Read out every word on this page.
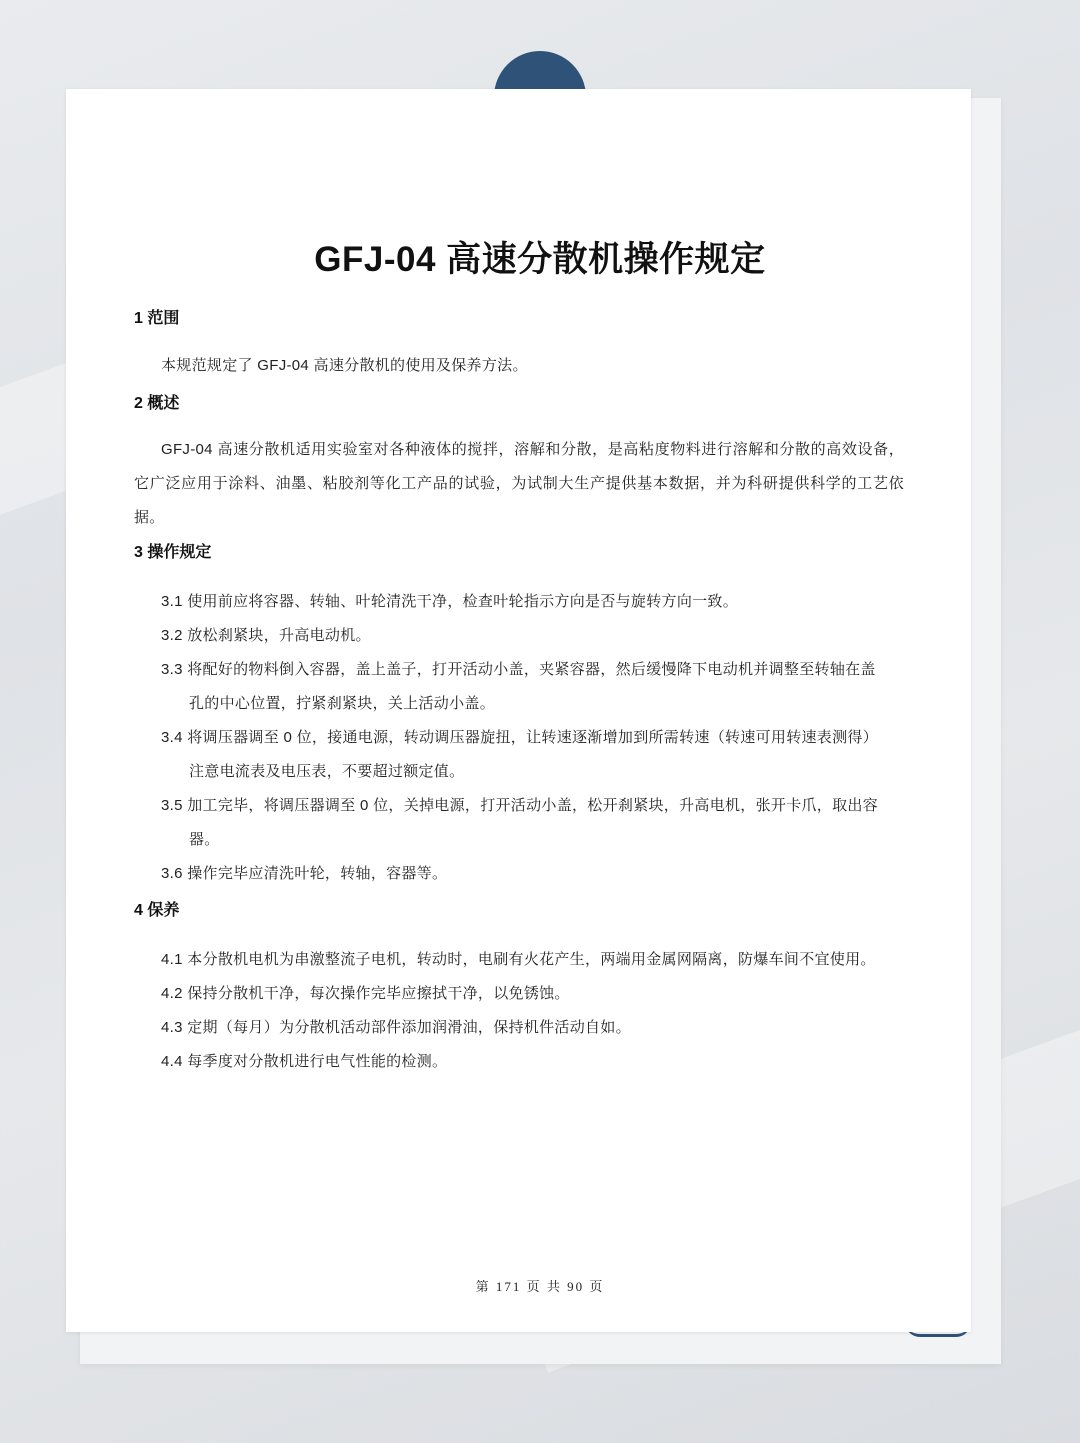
GFJ-04 高速分散机操作规定
1 范围
本规范规定了 GFJ-04 高速分散机的使用及保养方法。
2 概述
GFJ-04 高速分散机适用实验室对各种液体的搅拌，溶解和分散，是高粘度物料进行溶解和分散的高效设备，它广泛应用于涂料、油墨、粘胶剂等化工产品的试验，为试制大生产提供基本数据，并为科研提供科学的工艺依据。
3 操作规定
3.1 使用前应将容器、转轴、叶轮清洗干净，检查叶轮指示方向是否与旋转方向一致。
3.2 放松刹紧块，升高电动机。
3.3 将配好的物料倒入容器，盖上盖子，打开活动小盖，夹紧容器，然后缓慢降下电动机并调整至转轴在盖
孔的中心位置，拧紧刹紧块，关上活动小盖。
3.4 将调压器调至 0 位，接通电源，转动调压器旋扭，让转速逐渐增加到所需转速（转速可用转速表测得）
注意电流表及电压表，不要超过额定值。
3.5 加工完毕，将调压器调至 0 位，关掉电源，打开活动小盖，松开刹紧块，升高电机，张开卡爪，取出容
器。
3.6 操作完毕应清洗叶轮，转轴，容器等。
4 保养
4.1 本分散机电机为串激整流子电机，转动时，电刷有火花产生，两端用金属网隔离，防爆车间不宜使用。
4.2 保持分散机干净，每次操作完毕应擦拭干净，以免锈蚀。
4.3 定期（每月）为分散机活动部件添加润滑油，保持机件活动自如。
4.4 每季度对分散机进行电气性能的检测。
第 171 页 共 90 页
